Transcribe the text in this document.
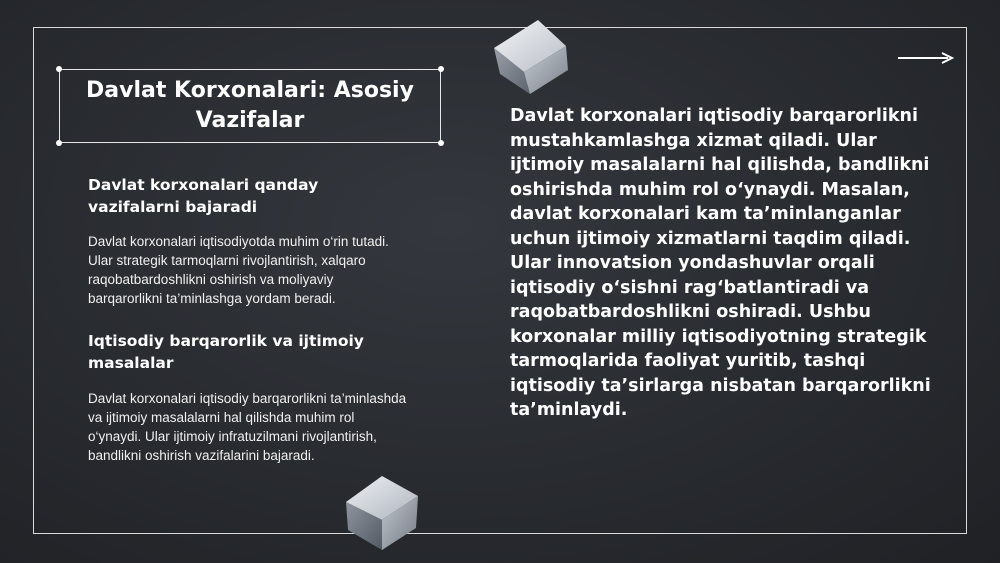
Davlat Korxonalari: Asosiy Vazifalar
Davlat korxonalari qanday vazifalarni bajaradi
Davlat korxonalari iqtisodiyotda muhim o‘rin tutadi. Ular strategik tarmoqlarni rivojlantirish, xalqaro raqobatbardoshlikni oshirish va moliyaviy barqarorlikni ta’minlashga yordam beradi.
Iqtisodiy barqarorlik va ijtimoiy masalalar
Davlat korxonalari iqtisodiy barqarorlikni ta’minlashda va ijtimoiy masalalarni hal qilishda muhim rol o‘ynaydi. Ular ijtimoiy infratuzilmani rivojlantirish, bandlikni oshirish vazifalarini bajaradi.
Davlat korxonalari iqtisodiy barqarorlikni mustahkamlashga xizmat qiladi. Ular ijtimoiy masalalarni hal qilishda, bandlikni oshirishda muhim rol o‘ynaydi. Masalan, davlat korxonalari kam ta’minlanganlar uchun ijtimoiy xizmatlarni taqdim qiladi. Ular innovatsion yondashuvlar orqali iqtisodiy o‘sishni rag‘batlantiradi va raqobatbardoshlikni oshiradi. Ushbu korxonalar milliy iqtisodiyotning strategik tarmoqlarida faoliyat yuritib, tashqi iqtisodiy ta’sirlarga nisbatan barqarorlikni ta’minlaydi.
